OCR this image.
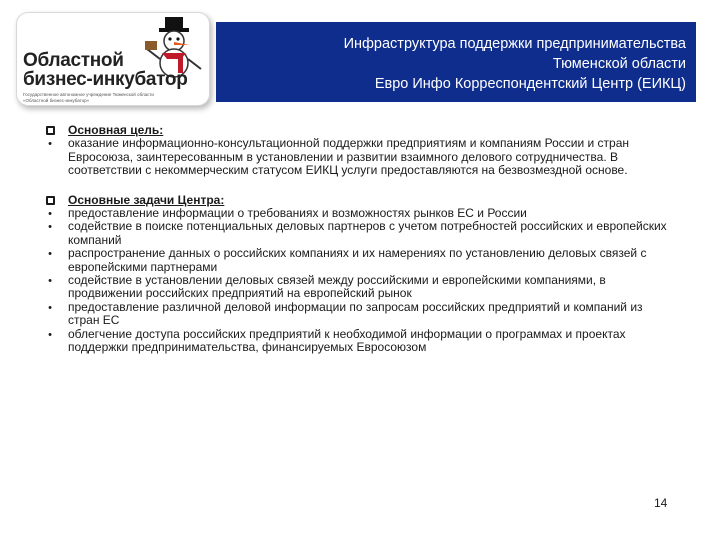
Областной
бизнес-инкубатор
Государственное автономное учреждение Тюменской области «Областной бизнес-инкубатор»
Инфраструктура поддержки предпринимательства
Тюменской области
Евро Инфо Корреспондентский Центр (ЕИКЦ)
Основная цель:
•	оказание информационно-консультационной поддержки предприятиям и компаниям России и стран Евросоюза, заинтересованным в установлении и развитии взаимного делового сотрудничества. В соответствии с некоммерческим статусом ЕИКЦ услуги предоставляются на безвозмездной основе.
Основные задачи Центра:
•	предоставление информации о требованиях и возможностях рынков ЕС и России
•	содействие в поиске потенциальных деловых партнеров с учетом потребностей российских и европейских компаний
•	распространение данных о российских компаниях и их намерениях по установлению деловых связей с европейскими партнерами
•	содействие в установлении деловых связей между российскими и европейскими компаниями, в продвижении российских предприятий на европейский рынок
•	предоставление различной деловой информации по запросам российских предприятий и компаний из стран ЕС
•	облегчение доступа российских предприятий к необходимой информации о программах и проектах поддержки предпринимательства, финансируемых Евросоюзом
14
